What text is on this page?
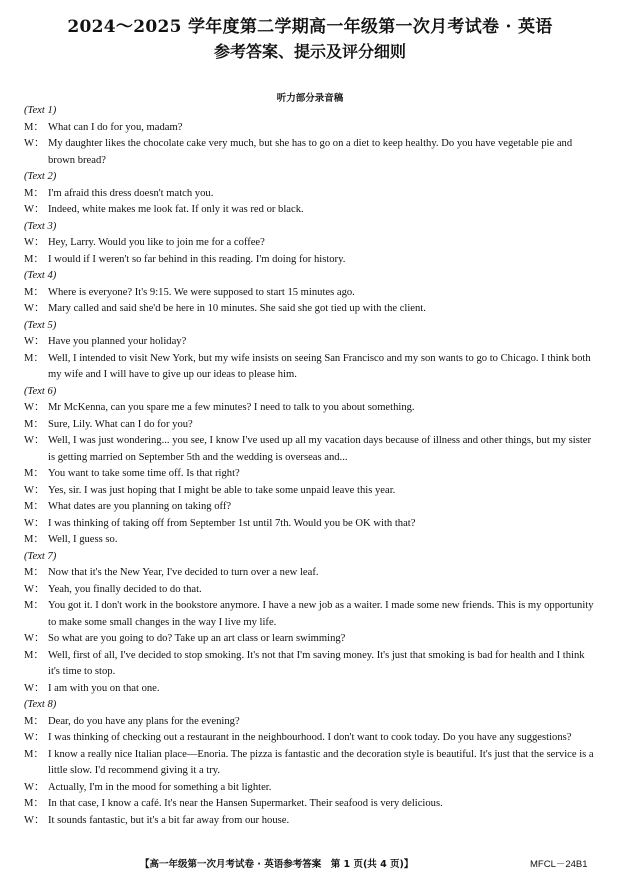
2024～2025 学年度第二学期高一年级第一次月考试卷 · 英语
参考答案、提示及评分细则
听力部分录音稿
(Text 1)
M： What can I do for you, madam?
W： My daughter likes the chocolate cake very much, but she has to go on a diet to keep healthy. Do you have vegetable pie and brown bread?
(Text 2)
M： I'm afraid this dress doesn't match you.
W： Indeed, white makes me look fat. If only it was red or black.
(Text 3)
W： Hey, Larry. Would you like to join me for a coffee?
M： I would if I weren't so far behind in this reading. I'm doing for history.
(Text 4)
M： Where is everyone? It's 9:15. We were supposed to start 15 minutes ago.
W： Mary called and said she'd be here in 10 minutes. She said she got tied up with the client.
(Text 5)
W： Have you planned your holiday?
M： Well, I intended to visit New York, but my wife insists on seeing San Francisco and my son wants to go to Chicago. I think both my wife and I will have to give up our ideas to please him.
(Text 6)
W： Mr McKenna, can you spare me a few minutes? I need to talk to you about something.
M： Sure, Lily. What can I do for you?
W： Well, I was just wondering... you see, I know I've used up all my vacation days because of illness and other things, but my sister is getting married on September 5th and the wedding is overseas and...
M： You want to take some time off. Is that right?
W： Yes, sir. I was just hoping that I might be able to take some unpaid leave this year.
M： What dates are you planning on taking off?
W： I was thinking of taking off from September 1st until 7th. Would you be OK with that?
M： Well, I guess so.
(Text 7)
M： Now that it's the New Year, I've decided to turn over a new leaf.
W： Yeah, you finally decided to do that.
M： You got it. I don't work in the bookstore anymore. I have a new job as a waiter. I made some new friends. This is my opportunity to make some small changes in the way I live my life.
W： So what are you going to do? Take up an art class or learn swimming?
M： Well, first of all, I've decided to stop smoking. It's not that I'm saving money. It's just that smoking is bad for health and I think it's time to stop.
W： I am with you on that one.
(Text 8)
M： Dear, do you have any plans for the evening?
W： I was thinking of checking out a restaurant in the neighbourhood. I don't want to cook today. Do you have any suggestions?
M： I know a really nice Italian place—Enoria. The pizza is fantastic and the decoration style is beautiful. It's just that the service is a little slow. I'd recommend giving it a try.
W： Actually, I'm in the mood for something a bit lighter.
M： In that case, I know a café. It's near the Hansen Supermarket. Their seafood is very delicious.
W： It sounds fantastic, but it's a bit far away from our house.
【高一年级第一次月考试卷 · 英语参考答案　第 1 页(共 4 页)】	MFCL－24B1
